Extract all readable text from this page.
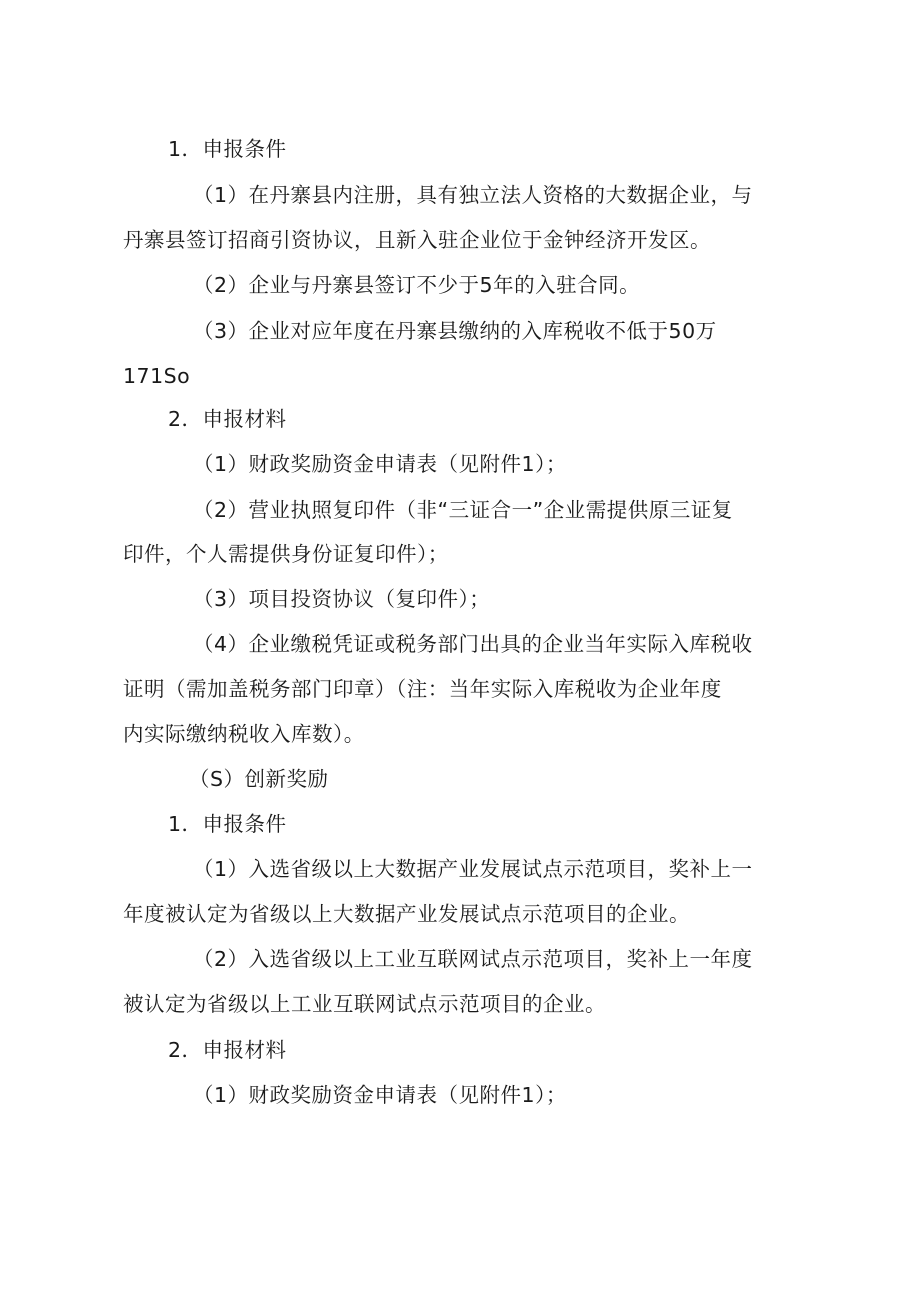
1．申报条件
（1）在丹寨县内注册，具有独立法人资格的大数据企业，与
丹寨县签订招商引资协议，且新入驻企业位于金钟经济开发区。
（2）企业与丹寨县签订不少于5年的入驻合同。
（3）企业对应年度在丹寨县缴纳的入库税收不低于50万
171So
2．申报材料
（1）财政奖励资金申请表（见附件1）；
（2）营业执照复印件（非“三证合一”企业需提供原三证复
印件，个人需提供身份证复印件）；
（3）项目投资协议（复印件）；
（4）企业缴税凭证或税务部门出具的企业当年实际入库税收
证明（需加盖税务部门印章）（注：当年实际入库税收为企业年度
内实际缴纳税收入库数）。
（S）创新奖励
1．申报条件
（1）入选省级以上大数据产业发展试点示范项目，奖补上一
年度被认定为省级以上大数据产业发展试点示范项目的企业。
（2）入选省级以上工业互联网试点示范项目，奖补上一年度
被认定为省级以上工业互联网试点示范项目的企业。
2．申报材料
（1）财政奖励资金申请表（见附件1）；
